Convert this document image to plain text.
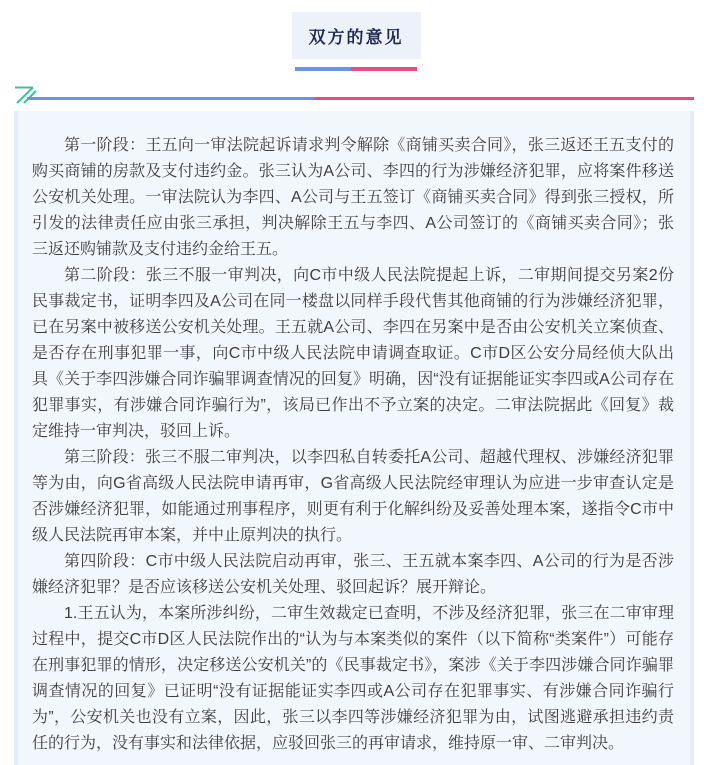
双方的意见

第一阶段：王五向一审法院起诉请求判令解除《商铺买卖合同》，张三返还王五支付的购买商铺的房款及支付违约金。张三认为A公司、李四的行为涉嫌经济犯罪，应将案件移送公安机关处理。一审法院认为李四、A公司与王五签订《商铺买卖合同》得到张三授权，所引发的法律责任应由张三承担，判决解除王五与李四、A公司签订的《商铺买卖合同》；张三返还购铺款及支付违约金给王五。

第二阶段：张三不服一审判决，向C市中级人民法院提起上诉，二审期间提交另案2份民事裁定书，证明李四及A公司在同一楼盘以同样手段代售其他商铺的行为涉嫌经济犯罪，已在另案中被移送公安机关处理。王五就A公司、李四在另案中是否由公安机关立案侦查、是否存在刑事犯罪一事，向C市中级人民法院申请调查取证。C市D区公安分局经侦大队出具《关于李四涉嫌合同诈骗罪调查情况的回复》明确，因“没有证据能证实李四或A公司存在犯罪事实，有涉嫌合同诈骗行为”，该局已作出不予立案的决定。二审法院据此《回复》裁定维持一审判决，驳回上诉。

第三阶段：张三不服二审判决，以李四私自转委托A公司、超越代理权、涉嫌经济犯罪等为由，向G省高级人民法院申请再审，G省高级人民法院经审理认为应进一步审查认定是否涉嫌经济犯罪，如能通过刑事程序，则更有利于化解纠纷及妥善处理本案，遂指令C市中级人民法院再审本案，并中止原判决的执行。

第四阶段：C市中级人民法院启动再审，张三、王五就本案李四、A公司的行为是否涉嫌经济犯罪？是否应该移送公安机关处理、驳回起诉？展开辩论。

1.王五认为，本案所涉纠纷，二审生效裁定已查明，不涉及经济犯罪，张三在二审审理过程中，提交C市D区人民法院作出的“认为与本案类似的案件（以下简称“类案件”）可能存在刑事犯罪的情形，决定移送公安机关”的《民事裁定书》，案涉《关于李四涉嫌合同诈骗罪调查情况的回复》已证明“没有证据能证实李四或A公司存在犯罪事实、有涉嫌合同诈骗行为”，公安机关也没有立案，因此，张三以李四等涉嫌经济犯罪为由，试图逃避承担违约责任的行为，没有事实和法律依据，应驳回张三的再审请求，维持原一审、二审判决。
